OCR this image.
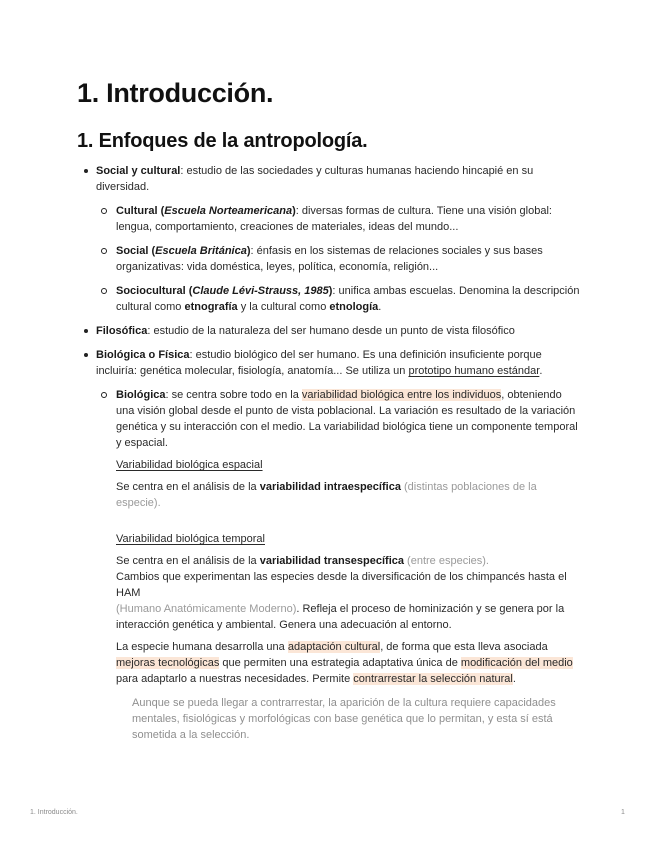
1. Introducción.
1. Enfoques de la antropología.
Social y cultural: estudio de las sociedades y culturas humanas haciendo hincapié en su diversidad.
Cultural (Escuela Norteamericana): diversas formas de cultura. Tiene una visión global: lengua, comportamiento, creaciones de materiales, ideas del mundo...
Social (Escuela Británica): énfasis en los sistemas de relaciones sociales y sus bases organizativas: vida doméstica, leyes, política, economía, religión...
Sociocultural (Claude Lévi-Strauss, 1985): unifica ambas escuelas. Denomina la descripción cultural como etnografía y la cultural como etnología.
Filosófica: estudio de la naturaleza del ser humano desde un punto de vista filosófico
Biológica o Física: estudio biológico del ser humano. Es una definición insuficiente porque incluiría: genética molecular, fisiología, anatomía... Se utiliza un prototipo humano estándar.
Biológica: se centra sobre todo en la variabilidad biológica entre los individuos, obteniendo una visión global desde el punto de vista poblacional. La variación es resultado de la variación genética y su interacción con el medio. La variabilidad biológica tiene un componente temporal y espacial.
Variabilidad biológica espacial
Se centra en el análisis de la variabilidad intraespecífica (distintas poblaciones de la especie).
Variabilidad biológica temporal
Se centra en el análisis de la variabilidad transespecífica (entre especies).
Cambios que experimentan las especies desde la diversificación de los chimpancés hasta el HAM
(Humano Anatómicamente Moderno). Refleja el proceso de hominización y se genera por la interacción genética y ambiental. Genera una adecuación al entorno.
La especie humana desarrolla una adaptación cultural, de forma que esta lleva asociada mejoras tecnológicas que permiten una estrategia adaptativa única de modificación del medio para adaptarlo a nuestras necesidades. Permite contrarrestar la selección natural.
Aunque se pueda llegar a contrarrestar, la aparición de la cultura requiere capacidades mentales, fisiológicas y morfológicas con base genética que lo permitan, y esta sí está sometida a la selección.
1. Introducción.	1
